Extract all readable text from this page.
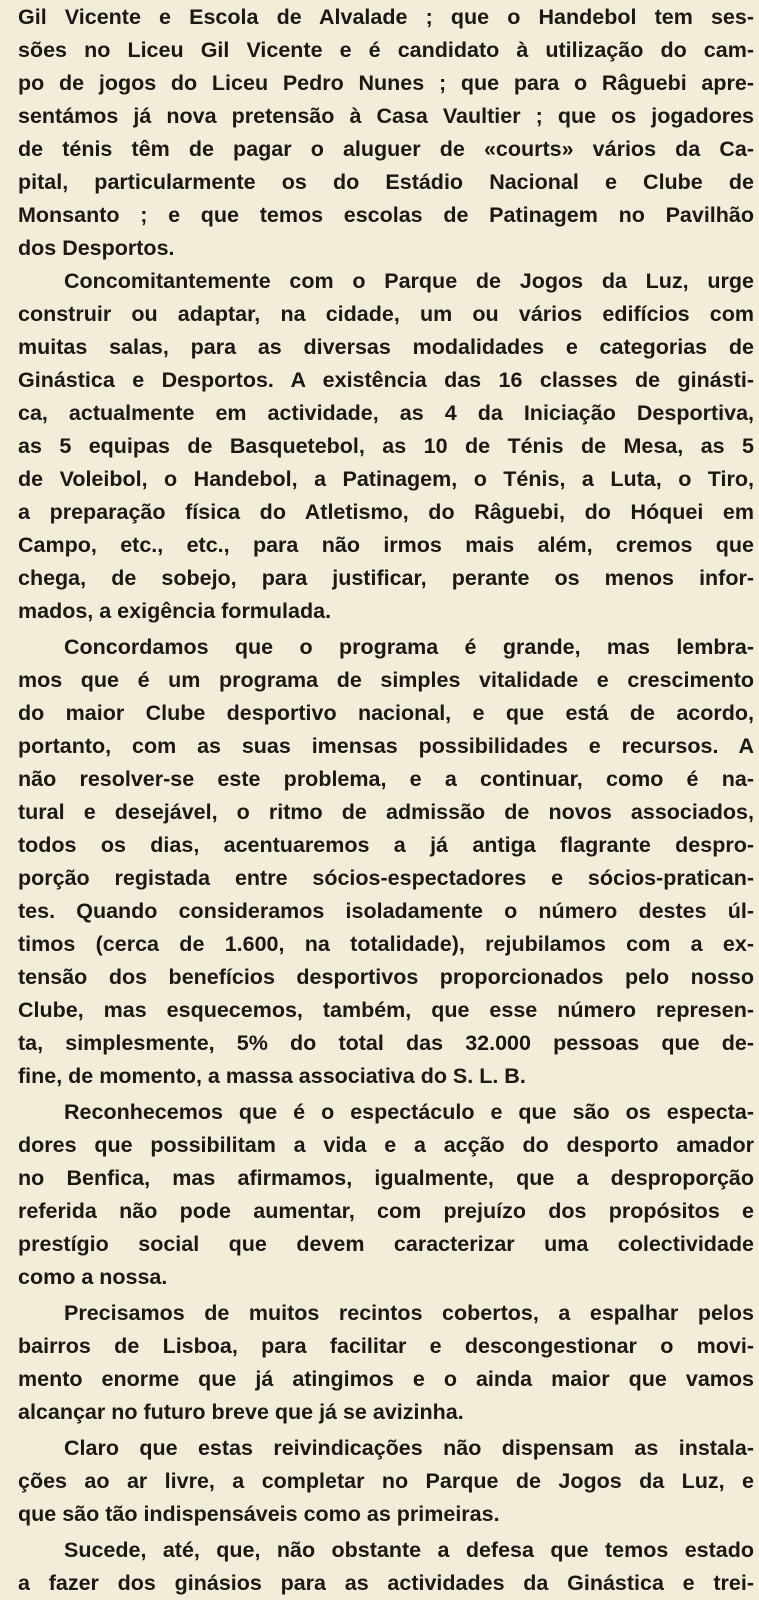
Gil Vicente e Escola de Alvalade ; que o Handebol tem ses-
sões no Liceu Gil Vicente e é candidato à utilização do cam-
po de jogos do Liceu Pedro Nunes ; que para o Râguebi apre-
sentámos já nova pretensão à Casa Vaultier ; que os jogadores
de ténis têm de pagar o aluguer de «courts» vários da Ca-
pital, particularmente os do Estádio Nacional e Clube de
Monsanto ; e que temos escolas de Patinagem no Pavilhão
dos Desportos.
Concomitantemente com o Parque de Jogos da Luz, urge
construir ou adaptar, na cidade, um ou vários edifícios com
muitas salas, para as diversas modalidades e categorias de
Ginástica e Desportos. A existência das 16 classes de ginásti-
ca, actualmente em actividade, as 4 da Iniciação Desportiva,
as 5 equipas de Basquetebol, as 10 de Ténis de Mesa, as 5
de Voleibol, o Handebol, a Patinagem, o Ténis, a Luta, o Tiro,
a preparação física do Atletismo, do Râguebi, do Hóquei em
Campo, etc., etc., para não irmos mais além, cremos que
chega, de sobejo, para justificar, perante os menos infor-
mados, a exigência formulada.
Concordamos que o programa é grande, mas lembra-
mos que é um programa de simples vitalidade e crescimento
do maior Clube desportivo nacional, e que está de acordo,
portanto, com as suas imensas possibilidades e recursos. A
não resolver-se este problema, e a continuar, como é na-
tural e desejável, o ritmo de admissão de novos associados,
todos os dias, acentuaremos a já antiga flagrante despro-
porção registada entre sócios-espectadores e sócios-pratican-
tes. Quando consideramos isoladamente o número destes úl-
timos (cerca de 1.600, na totalidade), rejubilamos com a ex-
tensão dos benefícios desportivos proporcionados pelo nosso
Clube, mas esquecemos, também, que esse número represen-
ta, simplesmente, 5% do total das 32.000 pessoas que de-
fine, de momento, a massa associativa do S. L. B.
Reconhecemos que é o espectáculo e que são os especta-
dores que possibilitam a vida e a acção do desporto amador
no Benfica, mas afirmamos, igualmente, que a desproporção
referida não pode aumentar, com prejuízo dos propósitos e
prestígio social que devem caracterizar uma colectividade
como a nossa.
Precisamos de muitos recintos cobertos, a espalhar pelos
bairros de Lisboa, para facilitar e descongestionar o movi-
mento enorme que já atingimos e o ainda maior que vamos
alcançar no futuro breve que já se avizinha.
Claro que estas reivindicações não dispensam as instala-
ções ao ar livre, a completar no Parque de Jogos da Luz, e
que são tão indispensáveis como as primeiras.
Sucede, até, que, não obstante a defesa que temos estado
a fazer dos ginásios para as actividades da Ginástica e trei-
